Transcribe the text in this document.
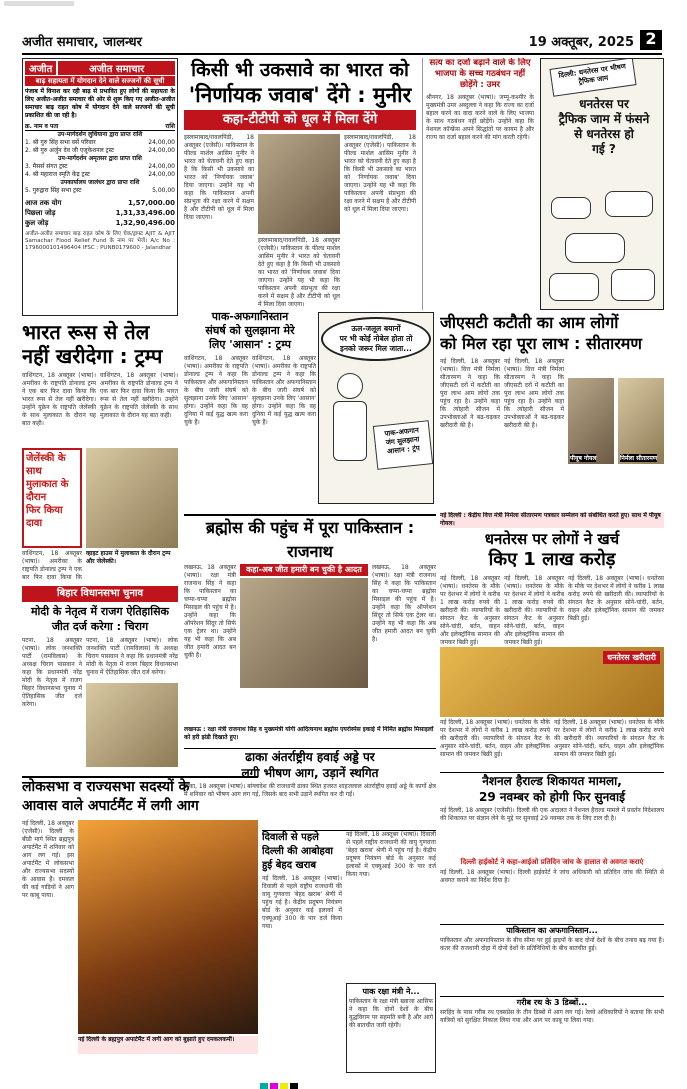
अजीत समाचार, जालन्धर	19 अक्तूबर, 2025 2
अजीत	अजीत समाचार
बाढ़ सहायता में योगदान देने वाले सज्जनों की सूची

पंजाब में विनाश कर रही बाढ़ से प्रभावित हुए लोगों की सहायता के लिए अजीत-अजीत समाचार की ओर से शुरू किए गए अजीत-अजीत समाचार बाढ़ राहत कोष में योगदान देने वाले सज्जनों की सूची प्रकाशित की जा रही है।

क्र. नाम व पता	राशि
उप-मार्गदर्शन लुधियाना द्वारा प्राप्त राशि
1. श्री गुरु सिंह सभा वर्से परिवार	24,00,00
2. श्री गुरु अर्जुन देव जी एजुकेशनल ट्रस्ट	24,00,00
उप-मार्गदर्शन अमृतसर द्वारा प्राप्त राशि
3. मैसर्स संगत ट्रस्ट	24,00,00
4. श्री महाराज स्मृति केंद्र ट्रस्ट	24,00,00
उपकार्यालय जालंधर द्वारा प्राप्त राशि
5. गुरुद्वारा सिंह सभा ट्रस्ट	5,00,00
आज तक योग	1,57,000.00
पिछला जोड़	1,31,33,496.00
कुल जोड़	1,32,90,496.00

अजीत-अजीत समाचार बाढ़ राहत कोष के लिए चेक/ड्राफ्ट AJIT & AJIT Samachar Flood Relief Fund के नाम पर भेजें। A/c No : 1796000101496404 IFSC : PUNB0179600 - Jalandhar

किसी भी उकसावे का भारत को
'निर्णायक जवाब' देंगे : मुनीर
कहा-टीटीपी को धूल में मिला देंगे

इस्लामाबाद/रावलपिंडी, 18 अक्तूबर (एजेंसी)। पाकिस्तान के फील्ड मार्शल आसिम मुनीर ने भारत को चेतावनी देते हुए कहा है कि किसी भी उकसावे का भारत को 'निर्णायक जवाब' दिया जाएगा। उन्होंने यह भी कहा कि पाकिस्तान अपनी संप्रभुता की रक्षा करने में सक्षम है और टीटीपी को धूल में मिला दिया जाएगा।

इस्लामाबाद/रावलपिंडी, 18 अक्तूबर (एजेंसी)। पाकिस्तान के फील्ड मार्शल आसिम मुनीर ने भारत को चेतावनी देते हुए कहा है कि किसी भी उकसावे का भारत को 'निर्णायक जवाब' दिया जाएगा। उन्होंने यह भी कहा कि पाकिस्तान अपनी संप्रभुता की रक्षा करने में सक्षम है और टीटीपी को धूल में मिला दिया जाएगा।

इस्लामाबाद/रावलपिंडी, 18 अक्तूबर (एजेंसी)। पाकिस्तान के फील्ड मार्शल आसिम मुनीर ने भारत को चेतावनी देते हुए कहा है कि किसी भी उकसावे का भारत को 'निर्णायक जवाब' दिया जाएगा। उन्होंने यह भी कहा कि पाकिस्तान अपनी संप्रभुता की रक्षा करने में सक्षम है और टीटीपी को धूल में मिला दिया जाएगा।

सत्य का दर्जा बढ़ाने वाले के लिए भाजपा के सच्च गठबंधन नहीं छोड़ेंगे : उमर

श्रीनगर, 18 अक्तूबर (भाषा)। जम्मू-कश्मीर के मुख्यमंत्री उमर अब्दुल्ला ने कहा कि राज्य का दर्जा बहाल करने का वादा करने वाले के लिए भाजपा के साथ गठबंधन नहीं छोड़ेंगे। उन्होंने कहा कि नेशनल कॉन्फ्रेंस अपने सिद्धांतों पर कायम है और राज्य का दर्जा बहाल करने की मांग करती रहेगी।

दिल्ली: धनतेरस पर भीषण ट्रैफिक जाम
धनतेरस पर
ट्रैफिक जाम में फंसने
से धनतेरस हो
गई ?
भारत रूस से तेल
नहीं खरीदेगा : ट्रम्प

वाशिंगटन, 18 अक्तूबर (भाषा)। अमरीका के राष्ट्रपति डोनाल्ड ट्रम्प ने एक बार फिर दावा किया कि भारत रूस से तेल नहीं खरीदेगा। उन्होंने यूक्रेन के राष्ट्रपति जेलेंस्की के साथ मुलाकात के दौरान यह बात कही।

वाशिंगटन, 18 अक्तूबर (भाषा)। अमरीका के राष्ट्रपति डोनाल्ड ट्रम्प ने एक बार फिर दावा किया कि भारत रूस से तेल नहीं खरीदेगा। उन्होंने यूक्रेन के राष्ट्रपति जेलेंस्की के साथ मुलाकात के दौरान यह बात कही।

जेलेंस्की के साथ
मुलाकात के दौरान
फिर किया दावा

वाशिंगटन, 18 अक्तूबर (भाषा)। अमरीका के राष्ट्रपति डोनाल्ड ट्रम्प ने एक बार फिर दावा किया कि

व्हाइट हाउस में मुलाकात के दौरान ट्रम्प और जेलेंस्की।

पाक-अफगानिस्तान
संघर्ष को सुलझाना मेरे
लिए 'आसान' : ट्रम्प

वाशिंगटन, 18 अक्तूबर (भाषा)। अमरीका के राष्ट्रपति डोनाल्ड ट्रम्प ने कहा कि पाकिस्तान और अफगानिस्तान के बीच जारी संघर्ष को सुलझाना उनके लिए 'आसान' होगा। उन्होंने कहा कि वह दुनिया में कई युद्ध खत्म करा चुके हैं।

वाशिंगटन, 18 अक्तूबर (भाषा)। अमरीका के राष्ट्रपति डोनाल्ड ट्रम्प ने कहा कि पाकिस्तान और अफगानिस्तान के बीच जारी संघर्ष को सुलझाना उनके लिए 'आसान' होगा। उन्होंने कहा कि वह दुनिया में कई युद्ध खत्म करा चुके हैं।

ऊल-जलूल बयानों
पर भी कोई नोबेल होता तो
इनको जरूर मिल जाता...
पाक-अफगान
जंग सुलझाना
आसान : ट्रंप
जीएसटी कटौती का आम लोगों
को मिल रहा पूरा लाभ : सीतारमण

नई दिल्ली, 18 अक्तूबर (भाषा)। वित्त मंत्री निर्मला सीतारमण ने कहा कि जीएसटी दरों में कटौती का पूरा लाभ आम लोगों तक पहुंच रहा है। उन्होंने कहा कि त्योहारी सीजन में उपभोक्ताओं ने बढ़-चढ़कर खरीदारी की है।

नई दिल्ली, 18 अक्तूबर (भाषा)। वित्त मंत्री निर्मला सीतारमण ने कहा कि जीएसटी दरों में कटौती का पूरा लाभ आम लोगों तक पहुंच रहा है। उन्होंने कहा कि त्योहारी सीजन में उपभोक्ताओं ने बढ़-चढ़कर खरीदारी की है।

पीयूष गोयल	निर्मला सीतारमण

नई दिल्ली : केंद्रीय वित्त मंत्री निर्मला सीतारमण पत्रकार सम्मेलन को संबोधित करते हुए। साथ में पीयूष गोयल।

धनतेरस पर लोगों ने खर्च
किए 1 लाख करोड़

नई दिल्ली, 18 अक्तूबर (भाषा)। धनतेरस के मौके पर देशभर में लोगों ने करीब 1 लाख करोड़ रुपये की खरीदारी की। व्यापारियों के संगठन कैट के अनुसार सोने-चांदी, बर्तन, वाहन और इलेक्ट्रॉनिक सामान की जमकर बिक्री हुई।

नई दिल्ली, 18 अक्तूबर (भाषा)। धनतेरस के मौके पर देशभर में लोगों ने करीब 1 लाख करोड़ रुपये की खरीदारी की। व्यापारियों के संगठन कैट के अनुसार सोने-चांदी, बर्तन, वाहन और इलेक्ट्रॉनिक सामान की जमकर बिक्री हुई।

नई दिल्ली, 18 अक्तूबर (भाषा)। धनतेरस के मौके पर देशभर में लोगों ने करीब 1 लाख करोड़ रुपये की खरीदारी की। व्यापारियों के संगठन कैट के अनुसार सोने-चांदी, बर्तन, वाहन और इलेक्ट्रॉनिक सामान की जमकर बिक्री हुई।

धनतेरस खरीदारी

नई दिल्ली, 18 अक्तूबर (भाषा)। धनतेरस के मौके पर देशभर में लोगों ने करीब 1 लाख करोड़ रुपये की खरीदारी की। व्यापारियों के संगठन कैट के अनुसार सोने-चांदी, बर्तन, वाहन और इलेक्ट्रॉनिक सामान की जमकर बिक्री हुई।

नई दिल्ली, 18 अक्तूबर (भाषा)। धनतेरस के मौके पर देशभर में लोगों ने करीब 1 लाख करोड़ रुपये की खरीदारी की। व्यापारियों के संगठन कैट के अनुसार सोने-चांदी, बर्तन, वाहन और इलेक्ट्रॉनिक सामान की जमकर बिक्री हुई।

ब्रह्मोस की पहुंच में पूरा पाकिस्तान : राजनाथ

लखनऊ, 18 अक्तूबर (भाषा)। रक्षा मंत्री राजनाथ सिंह ने कहा कि पाकिस्तान का चप्पा-चप्पा ब्रह्मोस मिसाइल की पहुंच में है। उन्होंने कहा कि ऑपरेशन सिंदूर तो सिर्फ एक ट्रेलर था। उन्होंने यह भी कहा कि अब जीत हमारी आदत बन चुकी है।

कहा-अब जीत हमारी बन चुकी है आदत	लखनऊ, 18 अक्तूबर (भाषा)। रक्षा मंत्री राजनाथ सिंह ने कहा कि पाकिस्तान का चप्पा-चप्पा ब्रह्मोस मिसाइल की पहुंच में है। उन्होंने कहा कि ऑपरेशन सिंदूर तो सिर्फ एक ट्रेलर था। उन्होंने यह भी कहा कि अब जीत हमारी आदत बन चुकी है।

लखनऊ : रक्षा मंत्री राजनाथ सिंह व मुख्यमंत्री योगी आदित्यनाथ ब्रह्मोस एयरोस्पेस इकाई में निर्मित ब्रह्मोस मिसाइलों को हरी झंडी दिखाते हुए।

बिहार विधानसभा चुनाव
मोदी के नेतृत्व में राजग ऐतिहासिक
जीत दर्ज करेगा : चिराग

पटना, 18 अक्तूबर (भाषा)। लोक जनशक्ति पार्टी (रामविलास) के अध्यक्ष चिराग पासवान ने कहा कि प्रधानमंत्री नरेंद्र मोदी के नेतृत्व में राजग बिहार विधानसभा चुनाव में ऐतिहासिक जीत दर्ज करेगा।

पटना, 18 अक्तूबर (भाषा)। लोक जनशक्ति पार्टी (रामविलास) के अध्यक्ष चिराग पासवान ने कहा कि प्रधानमंत्री नरेंद्र मोदी के नेतृत्व में राजग बिहार विधानसभा चुनाव में ऐतिहासिक जीत दर्ज करेगा।

ढाका अंतर्राष्ट्रीय हवाई अड्डे पर
लगी भीषण आग, उड़ानें स्थगित

ढाका, 18 अक्तूबर (भाषा)। बांग्लादेश की राजधानी ढाका स्थित हजरत शाहजलाल अंतर्राष्ट्रीय हवाई अड्डे के कार्गो क्षेत्र में शनिवार को भीषण आग लग गई, जिसके बाद सभी उड़ानें स्थगित कर दी गईं।

नैशनल हैराल्ड शिकायत मामला,
29 नवम्बर को होगी फिर सुनवाई

नई दिल्ली, 18 अक्तूबर (एजेंसी)। दिल्ली की एक अदालत ने नैशनल हैराल्ड मामले में प्रवर्तन निदेशालय की शिकायत पर संज्ञान लेने के मुद्दे पर सुनवाई 29 नवम्बर तक के लिए टाल दी है।

दिल्ली हाईकोर्ट ने कहा-आईओ प्रतिदिन जांच के हालात से अवगत कराएं

नई दिल्ली, 18 अक्तूबर (भाषा)। दिल्ली हाईकोर्ट ने जांच अधिकारी को प्रतिदिन जांच की स्थिति से अवगत कराने का निर्देश दिया है।

पाकिस्तान का अफगानिस्तान...

पाकिस्तान और अफगानिस्तान के बीच सीमा पर हुई झड़पों के बाद दोनों देशों के बीच तनाव बढ़ गया है। कतर की राजधानी दोहा में दोनों देशों के प्रतिनिधियों के बीच बातचीत हुई।

गरीब रथ के 3 डिब्बों...

सरहिंद के पास गरीब रथ एक्सप्रेस के तीन डिब्बों में आग लग गई। रेलवे अधिकारियों ने बताया कि सभी यात्रियों को सुरक्षित निकाल लिया गया और आग पर काबू पा लिया गया।

लोकसभा व राज्यसभा सदस्यों के
आवास वाले अपार्टमैंट में लगी आग

नई दिल्ली, 18 अक्तूबर (एजेंसी)। दिल्ली के बीडी मार्ग स्थित ब्रह्मपुत्र अपार्टमैंट में शनिवार को आग लग गई। इस अपार्टमैंट में लोकसभा और राज्यसभा सदस्यों के आवास हैं। दमकल की कई गाड़ियों ने आग पर काबू पाया।

नई दिल्ली के ब्रह्मपुत्र अपार्टमैंट में लगी आग को बुझाते हुए दमकलकर्मी।

दिवाली से पहले
दिल्ली की आबोहवा
हुई बेहद खराब

नई दिल्ली, 18 अक्तूबर (भाषा)। दिवाली से पहले राष्ट्रीय राजधानी की वायु गुणवत्ता 'बेहद खराब' श्रेणी में पहुंच गई है। केंद्रीय प्रदूषण नियंत्रण बोर्ड के अनुसार कई इलाकों में एक्यूआई 300 के पार दर्ज किया गया।

नई दिल्ली, 18 अक्तूबर (भाषा)। दिवाली से पहले राष्ट्रीय राजधानी की वायु गुणवत्ता 'बेहद खराब' श्रेणी में पहुंच गई है। केंद्रीय प्रदूषण नियंत्रण बोर्ड के अनुसार कई इलाकों में एक्यूआई 300 के पार दर्ज किया गया।

पाक रक्षा मंत्री ने...

पाकिस्तान के रक्षा मंत्री ख्वाजा आसिफ ने कहा कि दोनों देशों के बीच युद्धविराम पर सहमति बनी है और आगे की बातचीत जारी रहेगी।
